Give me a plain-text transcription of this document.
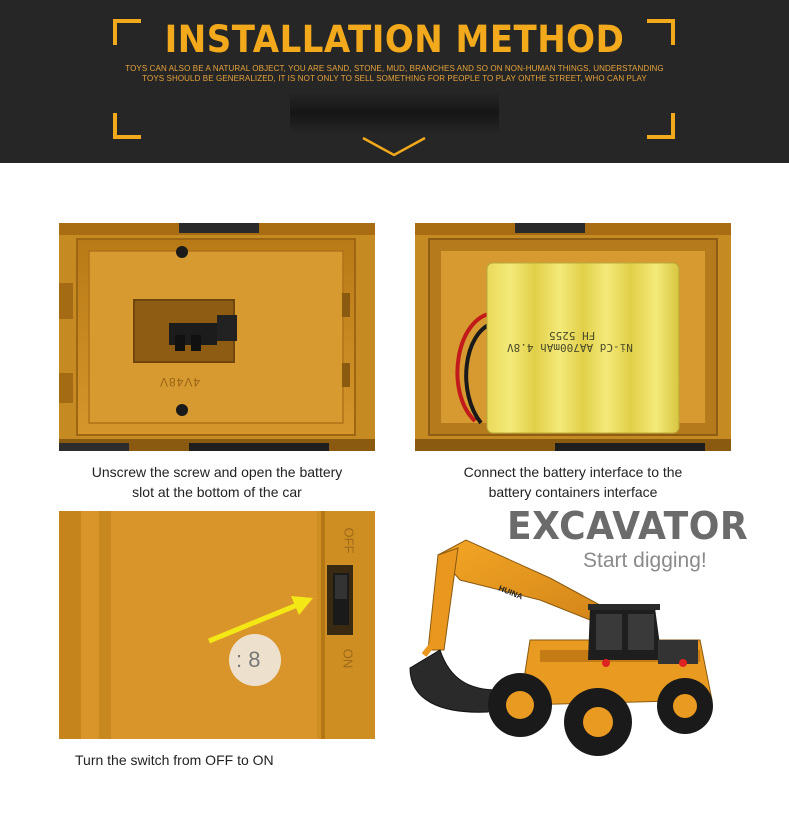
INSTALLATION METHOD
TOYS CAN ALSO BE A NATURAL OBJECT, YOU ARE SAND, STONE, MUD, BRANCHES AND SO ON NON-HUMAN THINGS, UNDERSTANDING
TOYS SHOULD BE GENERALIZED, IT IS NOT ONLY TO SELL SOMETHING FOR PEOPLE TO PLAY ONTHE STREET, WHO CAN PLAY
4V48V
Unscrew the screw and open the battery
slot at the bottom of the car
Ni-Cd AA700mAh 4.8V
FH 5255
Connect the battery interface to the
battery containers interface
OFF
ON
: 8
Turn the switch from OFF to ON
HUINA
EXCAVATOR
Start digging!
